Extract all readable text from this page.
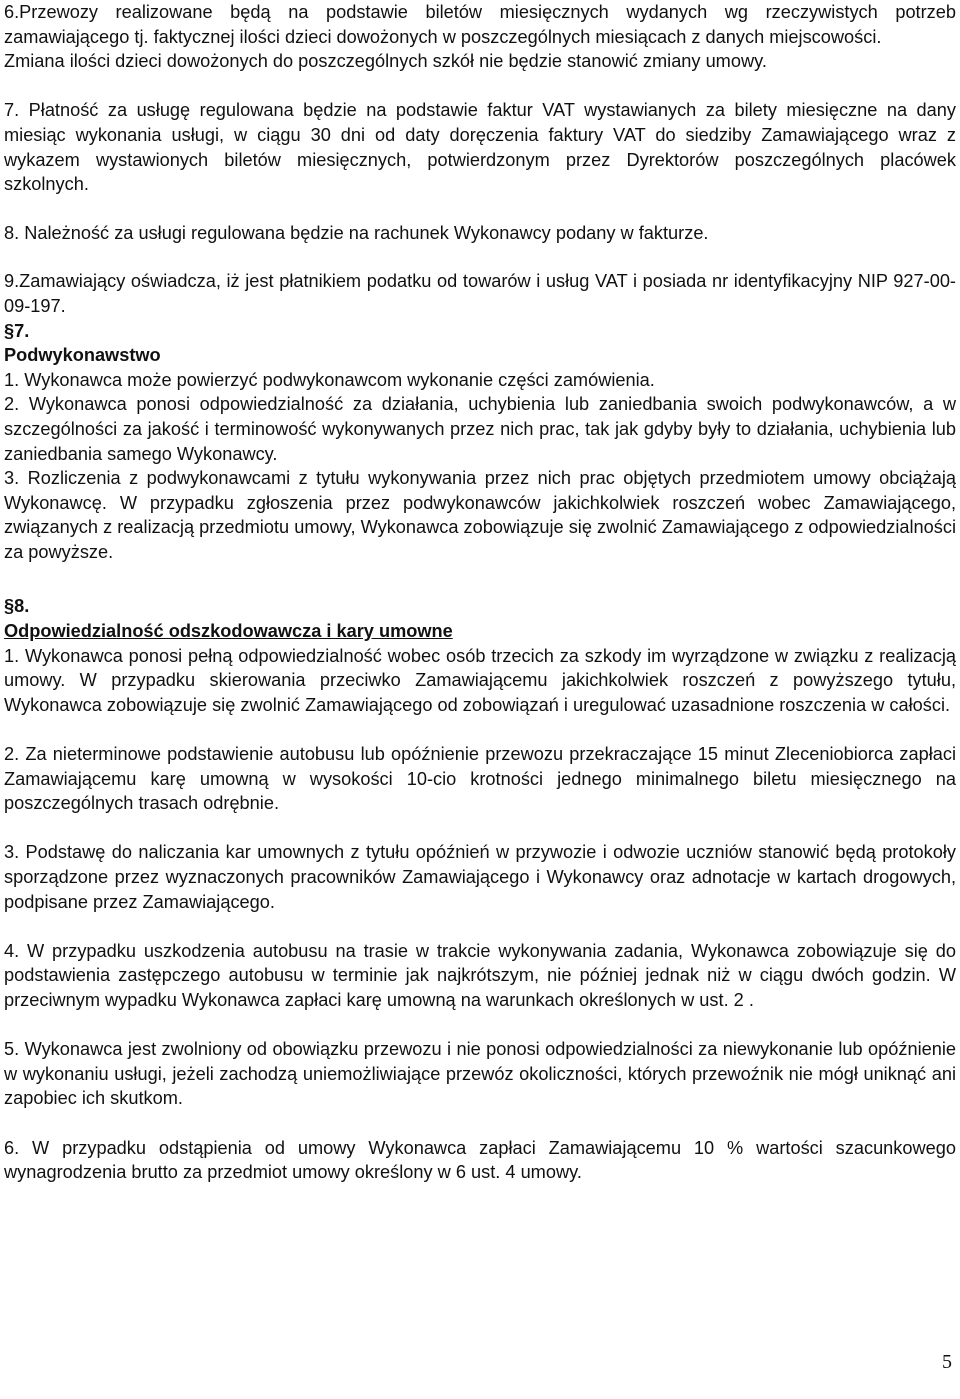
6.Przewozy realizowane będą na podstawie biletów miesięcznych wydanych wg rzeczywistych potrzeb zamawiającego tj. faktycznej ilości dzieci dowożonych w poszczególnych miesiącach z danych miejscowości.

Zmiana ilości dzieci dowożonych do poszczególnych szkół nie będzie stanowić zmiany umowy.

7. Płatność za usługę regulowana będzie na podstawie faktur VAT wystawianych za bilety miesięczne na dany miesiąc wykonania usługi, w ciągu 30 dni od daty doręczenia faktury VAT do siedziby Zamawiającego wraz z wykazem wystawionych biletów miesięcznych, potwierdzonym przez Dyrektorów poszczególnych placówek szkolnych.

8. Należność za usługi regulowana będzie na rachunek Wykonawcy podany w fakturze.

9.Zamawiający oświadcza, iż jest płatnikiem podatku od towarów i usług VAT i posiada nr identyfikacyjny NIP 927-00-09-197.

§7.

Podwykonawstwo

1. Wykonawca może powierzyć podwykonawcom wykonanie części zamówienia.

2. Wykonawca ponosi odpowiedzialność za działania, uchybienia lub zaniedbania swoich podwykonawców, a w szczególności za jakość i terminowość wykonywanych przez nich prac, tak jak gdyby były to działania, uchybienia lub zaniedbania samego Wykonawcy.

3. Rozliczenia z podwykonawcami z tytułu wykonywania przez nich prac objętych przedmiotem umowy obciążają Wykonawcę. W przypadku zgłoszenia przez podwykonawców jakichkolwiek roszczeń wobec Zamawiającego, związanych z realizacją przedmiotu umowy, Wykonawca zobowiązuje się zwolnić Zamawiającego z odpowiedzialności za powyższe.

§8.

Odpowiedzialność odszkodowawcza i kary umowne

1. Wykonawca ponosi pełną odpowiedzialność wobec osób trzecich za szkody im wyrządzone w związku z realizacją umowy. W przypadku skierowania przeciwko Zamawiającemu jakichkolwiek roszczeń z powyższego tytułu, Wykonawca zobowiązuje się zwolnić Zamawiającego od zobowiązań i uregulować uzasadnione roszczenia w całości.

2. Za nieterminowe podstawienie autobusu lub opóźnienie przewozu przekraczające 15 minut Zleceniobiorca zapłaci Zamawiającemu karę umowną w wysokości 10-cio krotności jednego minimalnego biletu miesięcznego na poszczególnych trasach odrębnie.

3. Podstawę do naliczania kar umownych z tytułu opóźnień w przywozie i odwozie uczniów stanowić będą protokoły sporządzone przez wyznaczonych pracowników Zamawiającego i Wykonawcy oraz adnotacje w kartach drogowych, podpisane przez Zamawiającego.

4. W przypadku uszkodzenia autobusu na trasie w trakcie wykonywania zadania, Wykonawca zobowiązuje się do podstawienia zastępczego autobusu w terminie jak najkrótszym, nie później jednak niż w ciągu dwóch godzin. W przeciwnym wypadku Wykonawca zapłaci karę umowną na warunkach określonych w ust. 2 .

5. Wykonawca jest zwolniony od obowiązku przewozu i nie ponosi odpowiedzialności za niewykonanie lub opóźnienie w wykonaniu usługi, jeżeli zachodzą uniemożliwiające przewóz okoliczności, których przewoźnik nie mógł uniknąć ani zapobiec ich skutkom.

6. W przypadku odstąpienia od umowy Wykonawca zapłaci Zamawiającemu 10 % wartości szacunkowego wynagrodzenia brutto za przedmiot umowy określony w 6 ust. 4 umowy.

5
